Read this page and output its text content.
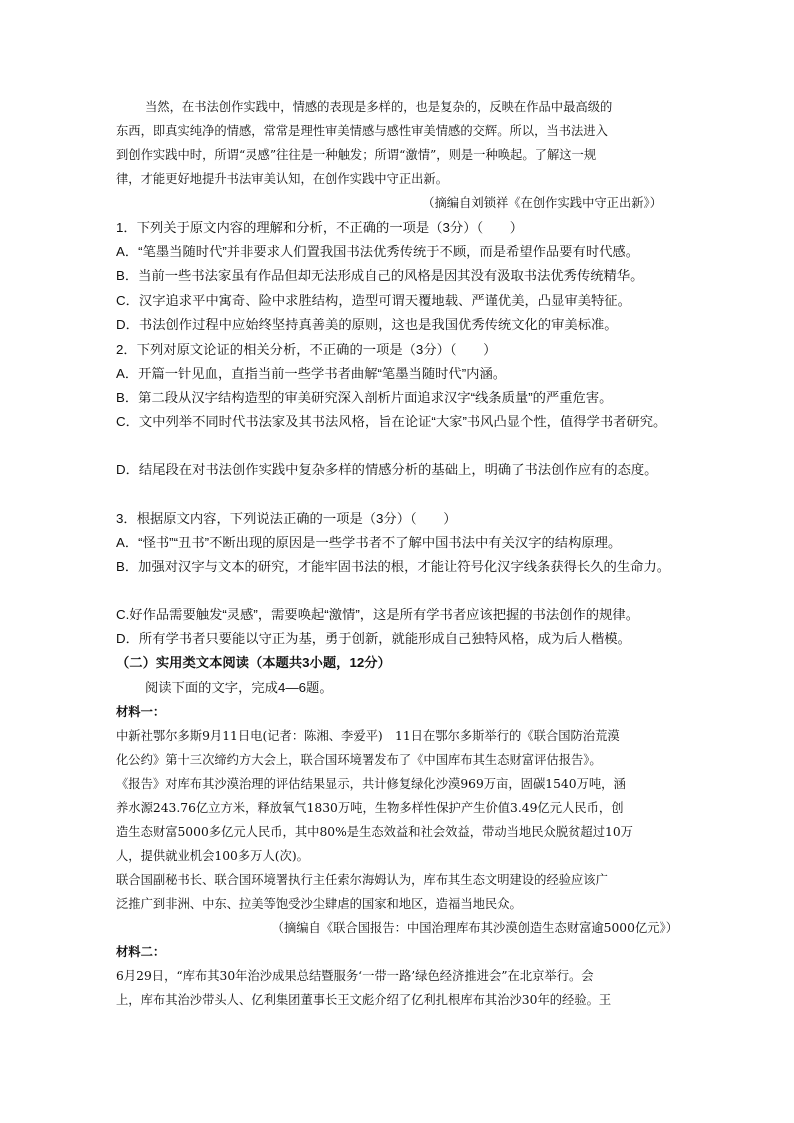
当然，在书法创作实践中，情感的表现是多样的，也是复杂的，反映在作品中最高级的
东西，即真实纯净的情感，常常是理性审美情感与感性审美情感的交辉。所以，当书法进入
到创作实践中时，所谓“灵感”往往是一种触发；所谓“激情”，则是一种唤起。了解这一规
律，才能更好地提升书法审美认知，在创作实践中守正出新。
（摘编自刘锁祥《在创作实践中守正出新》）
1．下列关于原文内容的理解和分析，不正确的一项是（3分）（　　）
A．“笔墨当随时代”并非要求人们置我国书法优秀传统于不顾，而是希望作品要有时代感。
B．当前一些书法家虽有作品但却无法形成自己的风格是因其没有汲取书法优秀传统精华。
C．汉字追求平中寓奇、险中求胜结构，造型可谓天覆地载、严谨优美，凸显审美特征。
D．书法创作过程中应始终坚持真善美的原则，这也是我国优秀传统文化的审美标准。
2．下列对原文论证的相关分析，不正确的一项是（3分）（　　）
A．开篇一针见血，直指当前一些学书者曲解“笔墨当随时代”内涵。
B．第二段从汉字结构造型的审美研究深入剖析片面追求汉字“线条质量”的严重危害。
C．文中列举不同时代书法家及其书法风格，旨在论证“大家”书风凸显个性，值得学书者研究。
D．结尾段在对书法创作实践中复杂多样的情感分析的基础上，明确了书法创作应有的态度。
3．根据原文内容，下列说法正确的一项是（3分）（　　）
A．“怪书”“丑书”不断出现的原因是一些学书者不了解中国书法中有关汉字的结构原理。
B．加强对汉字与文本的研究，才能牢固书法的根，才能让符号化汉字线条获得长久的生命力。
C.好作品需要触发“灵感”，需要唤起“激情”，这是所有学书者应该把握的书法创作的规律。
D．所有学书者只要能以守正为基，勇于创新，就能形成自己独特风格，成为后人楷模。
（二）实用类文本阅读（本题共3小题，12分）
阅读下面的文字，完成4—6题。
材料一：
中新社鄂尔多斯9月11日电(记者：陈湘、李爱平)　11日在鄂尔多斯举行的《联合国防治荒漠
化公约》第十三次缔约方大会上，联合国环境署发布了《中国库布其生态财富评估报告》。
《报告》对库布其沙漠治理的评估结果显示，共计修复绿化沙漠969万亩，固碳1540万吨，涵
养水源243.76亿立方米，释放氧气1830万吨，生物多样性保护产生价值3.49亿元人民币，创
造生态财富5000多亿元人民币，其中80%是生态效益和社会效益，带动当地民众脱贫超过10万
人，提供就业机会100多万人(次)。
联合国副秘书长、联合国环境署执行主任索尔海姆认为，库布其生态文明建设的经验应该广
泛推广到非洲、中东、拉美等饱受沙尘肆虐的国家和地区，造福当地民众。
（摘编自《联合国报告：中国治理库布其沙漠创造生态财富逾5000亿元》）
材料二：
6月29日，“库布其30年治沙成果总结暨服务‘一带一路’绿色经济推进会”在北京举行。会
上，库布其治沙带头人、亿利集团董事长王文彪介绍了亿利扎根库布其治沙30年的经验。王
